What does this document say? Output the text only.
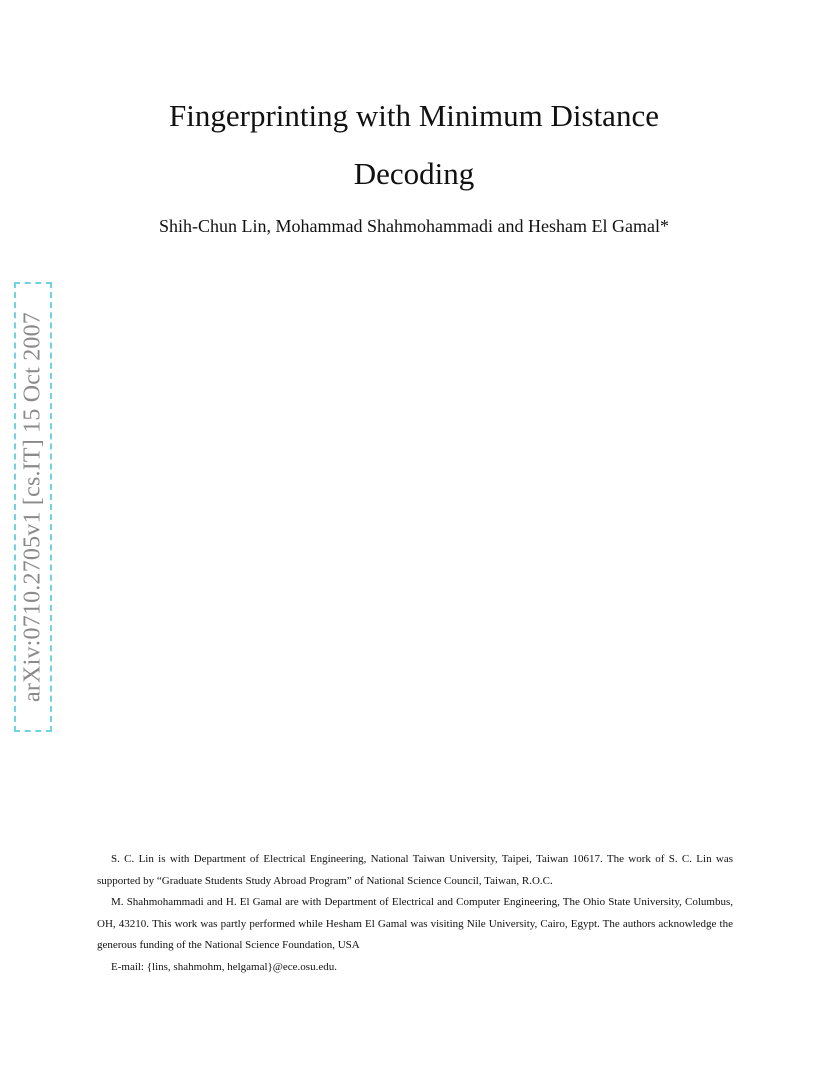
Fingerprinting with Minimum Distance
Decoding
Shih-Chun Lin, Mohammad Shahmohammadi and Hesham El Gamal*
arXiv:0710.2705v1 [cs.IT] 15 Oct 2007

S. C. Lin is with Department of Electrical Engineering, National Taiwan University, Taipei, Taiwan 10617. The work of S. C. Lin was supported by “Graduate Students Study Abroad Program” of National Science Council, Taiwan, R.O.C.

M. Shahmohammadi and H. El Gamal are with Department of Electrical and Computer Engineering, The Ohio State University, Columbus, OH, 43210. This work was partly performed while Hesham El Gamal was visiting Nile University, Cairo, Egypt. The authors acknowledge the generous funding of the National Science Foundation, USA

E-mail: {lins, shahmohm, helgamal}@ece.osu.edu.
